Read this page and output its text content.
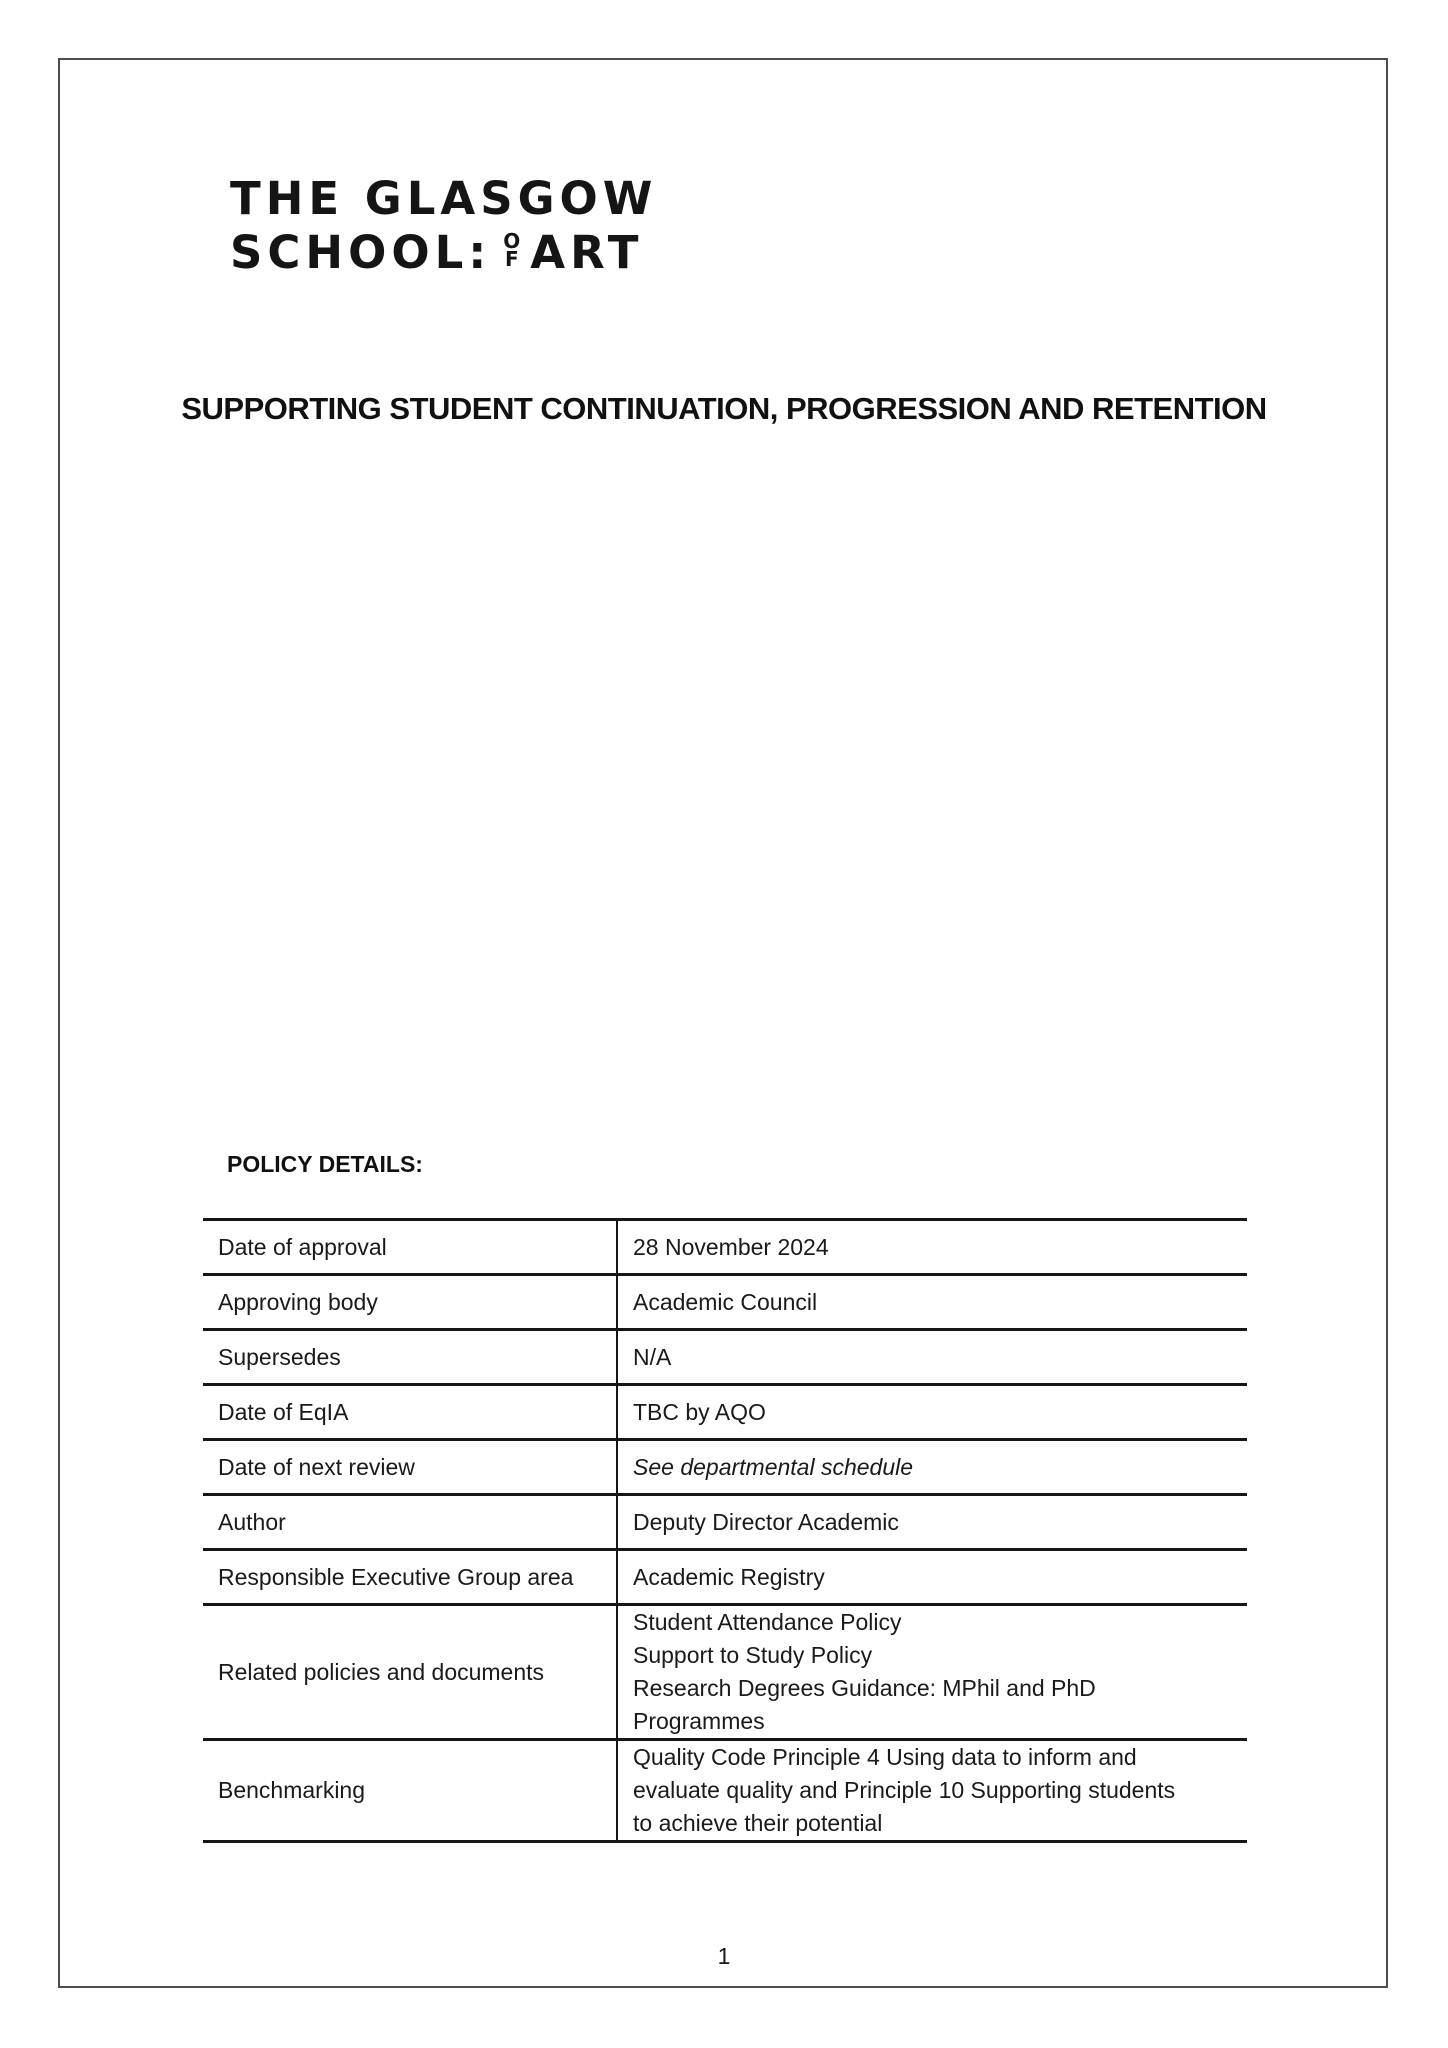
THE GLASGOW
SCHOOL: O
F ART
SUPPORTING STUDENT CONTINUATION, PROGRESSION AND RETENTION
POLICY DETAILS:
Date of approval	28 November 2024

Approving body	Academic Council

Supersedes	N/A

Date of EqIA	TBC by AQO

Date of next review	See departmental schedule

Author	Deputy Director Academic

Responsible Executive Group area	Academic Registry

Related policies and documents	Student Attendance Policy
Support to Study Policy
Research Degrees Guidance: MPhil and PhD
Programmes

Benchmarking	Quality Code Principle 4 Using data to inform and
evaluate quality and Principle 10 Supporting students
to achieve their potential
1
